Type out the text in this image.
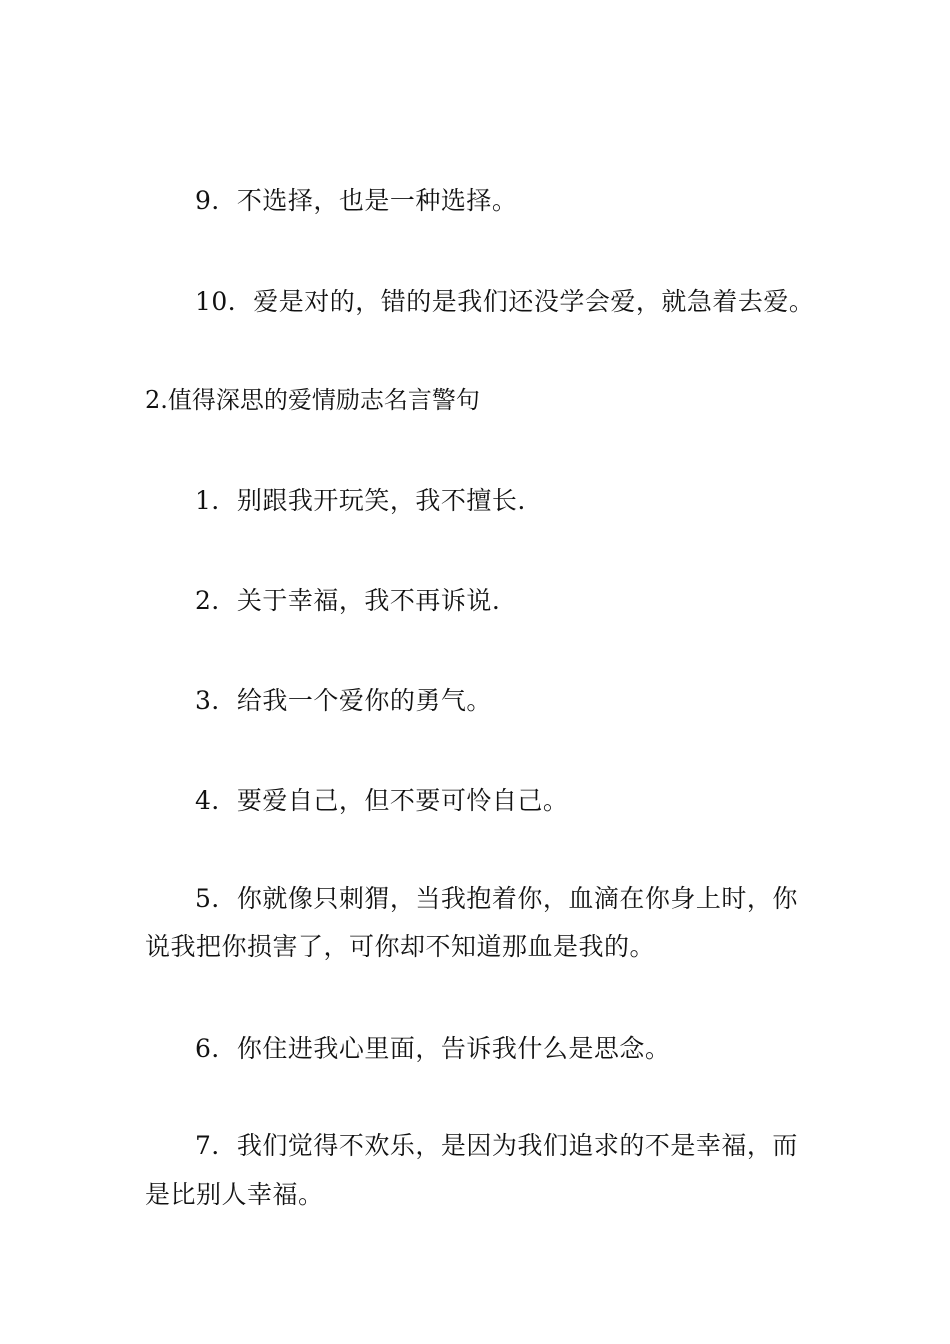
9．不选择，也是一种选择。
10．爱是对的，错的是我们还没学会爱，就急着去爱。
2.值得深思的爱情励志名言警句
1．别跟我开玩笑，我不擅长.
2．关于幸福，我不再诉说.
3．给我一个爱你的勇气。
4．要爱自己，但不要可怜自己。
5．你就像只刺猬，当我抱着你，血滴在你身上时，你
说我把你损害了，可你却不知道那血是我的。
6．你住进我心里面，告诉我什么是思念。
7．我们觉得不欢乐，是因为我们追求的不是幸福，而
是比别人幸福。
